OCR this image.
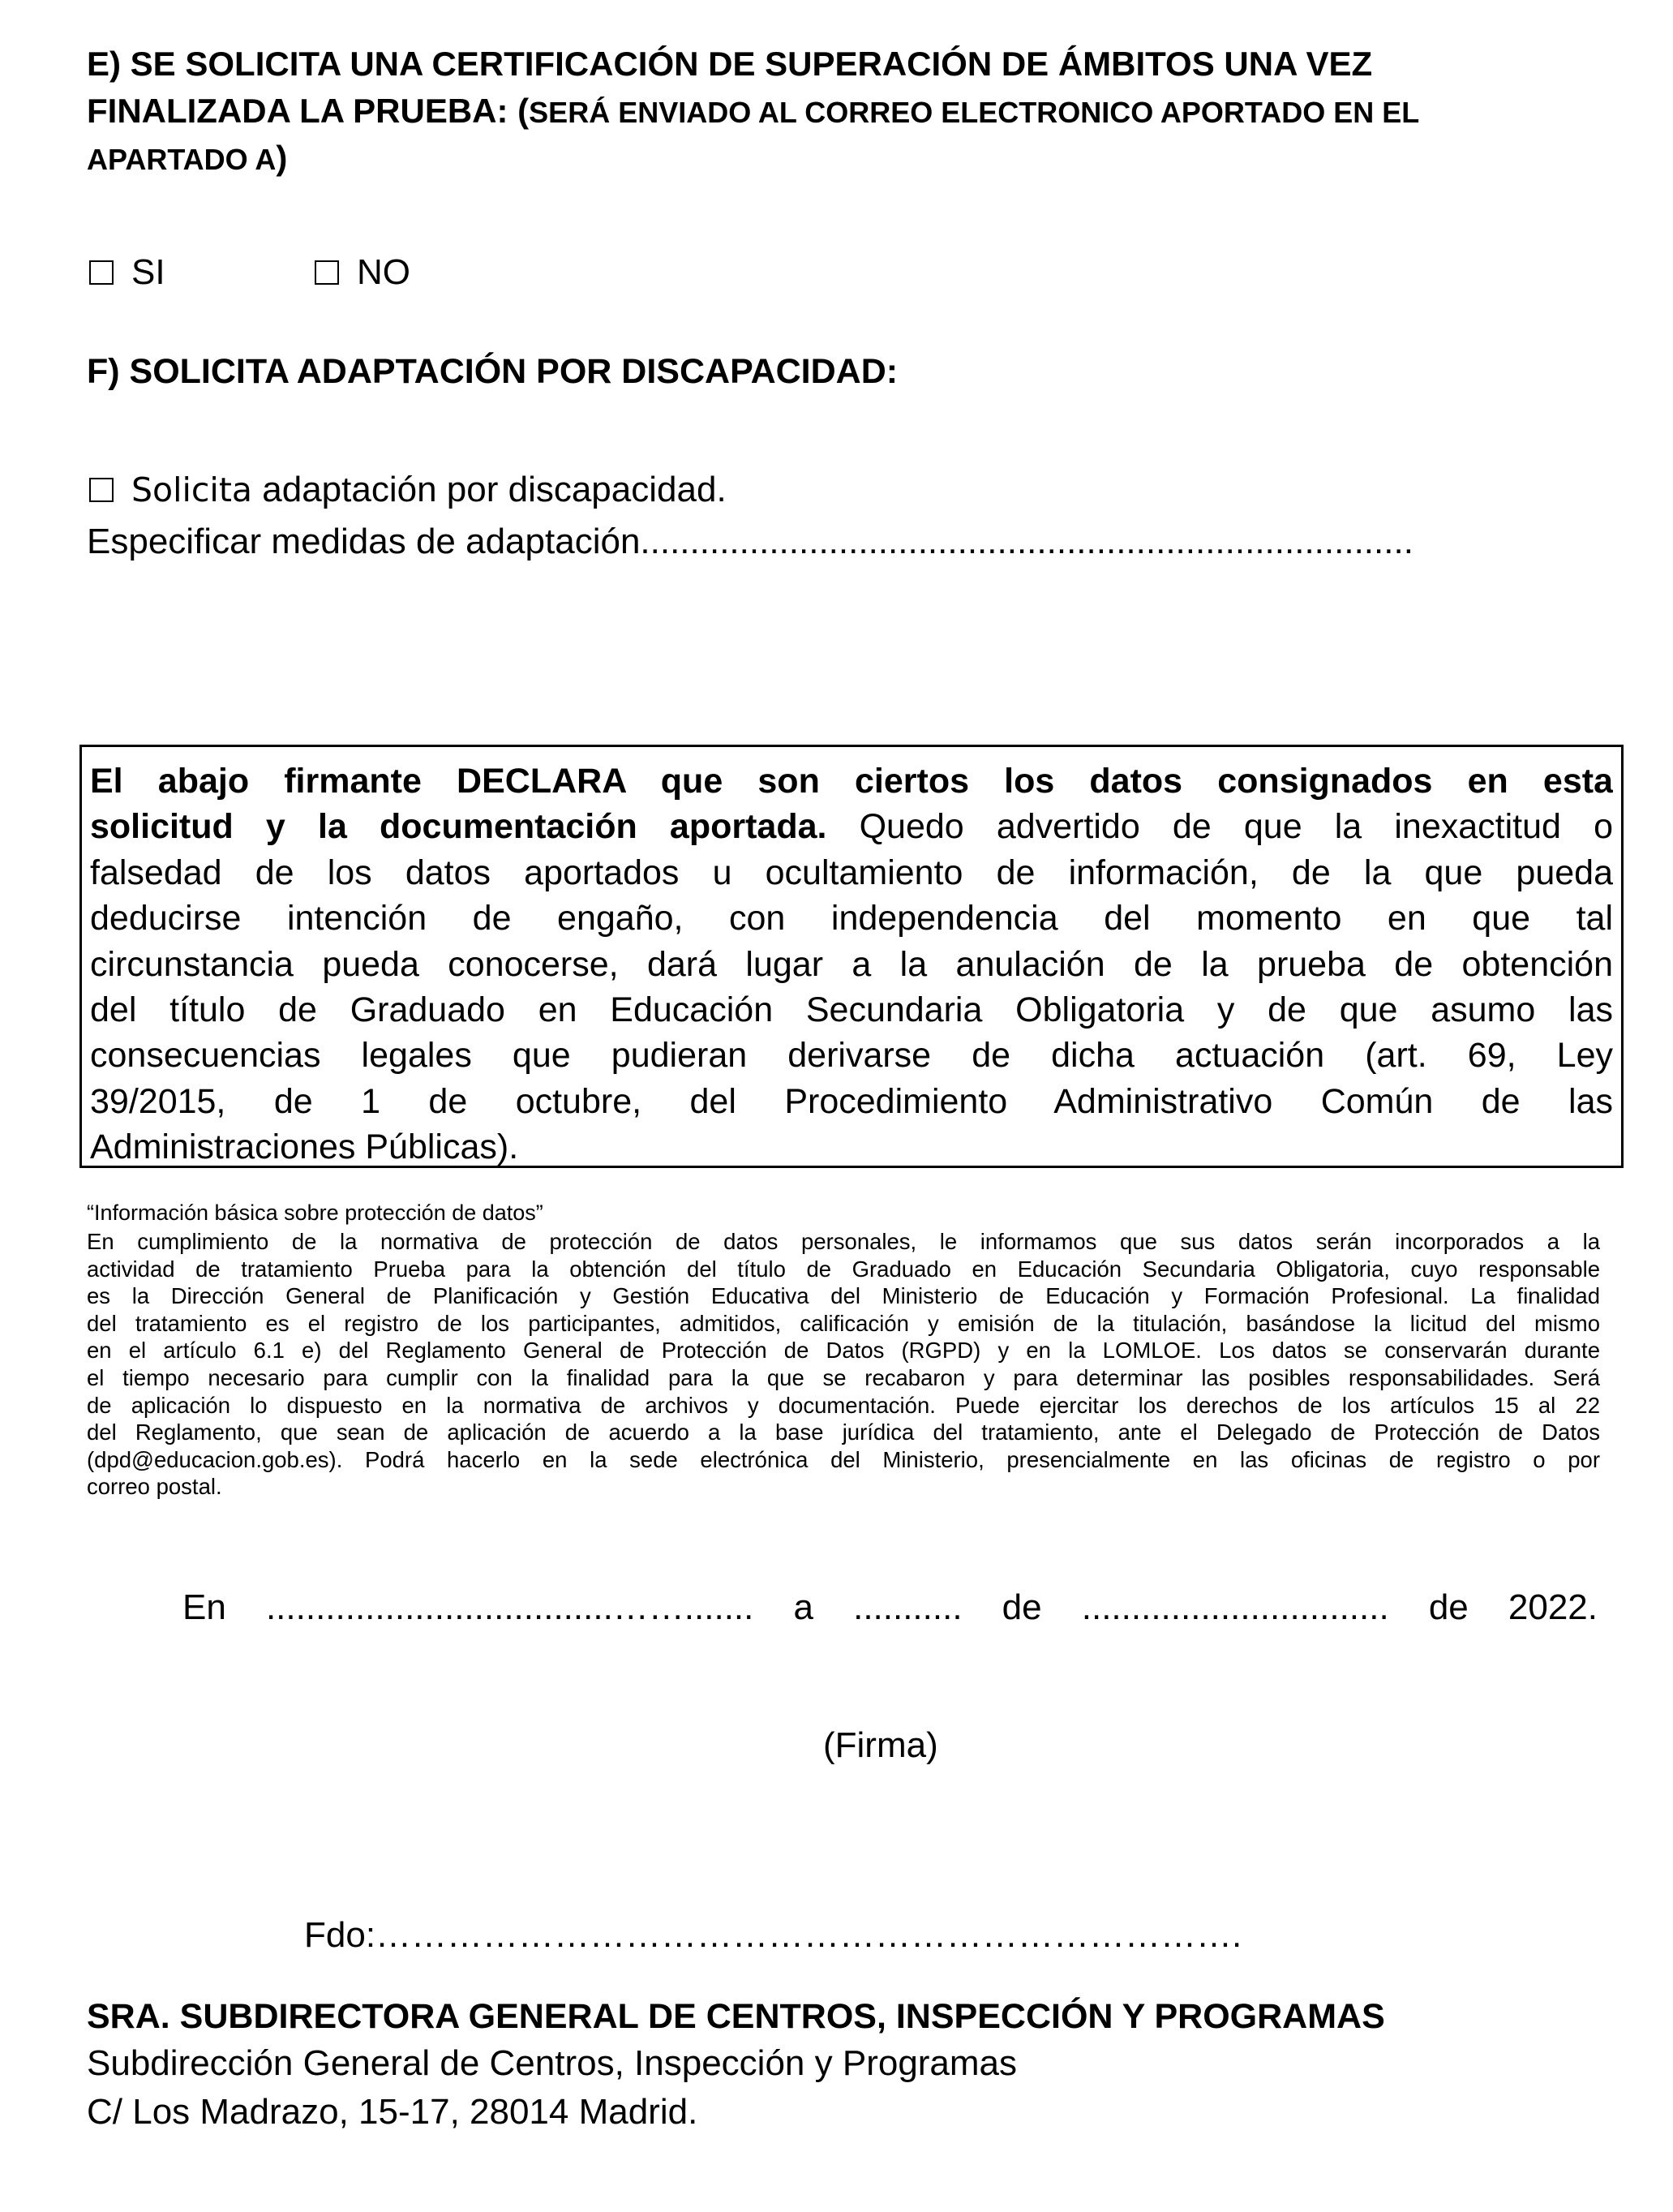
E) SE SOLICITA UNA CERTIFICACIÓN DE SUPERACIÓN DE ÁMBITOS UNA VEZ
FINALIZADA LA PRUEBA: (SERÁ ENVIADO AL CORREO ELECTRONICO APORTADO EN EL
APARTADO A)
SI	NO
F) SOLICITA ADAPTACIÓN POR DISCAPACIDAD:
Solicita adaptación por discapacidad.
Especificar medidas de adaptación..............................................................................
El abajo firmante DECLARA que son ciertos los datos consignados en esta
solicitud y la documentación aportada. Quedo advertido de que la inexactitud o
falsedad de los datos aportados u ocultamiento de información, de la que pueda
deducirse intención de engaño, con independencia del momento en que tal
circunstancia pueda conocerse, dará lugar a la anulación de la prueba de obtención
del título de Graduado en Educación Secundaria Obligatoria y de que asumo las
consecuencias legales que pudieran derivarse de dicha actuación (art. 69, Ley
39/2015, de 1 de octubre, del Procedimiento Administrativo Común de las
Administraciones Públicas).
“Información básica sobre protección de datos”
En cumplimiento de la normativa de protección de datos personales, le informamos que sus datos serán incorporados a la
actividad de tratamiento Prueba para la obtención del título de Graduado en Educación Secundaria Obligatoria, cuyo responsable
es la Dirección General de Planificación y Gestión Educativa del Ministerio de Educación y Formación Profesional. La finalidad
del tratamiento es el registro de los participantes, admitidos, calificación y emisión de la titulación, basándose la licitud del mismo
en el artículo 6.1 e) del Reglamento General de Protección de Datos (RGPD) y en la LOMLOE. Los datos se conservarán durante
el tiempo necesario para cumplir con la finalidad para la que se recabaron y para determinar las posibles responsabilidades. Será
de aplicación lo dispuesto en la normativa de archivos y documentación. Puede ejercitar los derechos de los artículos 15 al 22
del Reglamento, que sean de aplicación de acuerdo a la base jurídica del tratamiento, ante el Delegado de Protección de Datos
(dpd@educacion.gob.es). Podrá hacerlo en la sede electrónica del Ministerio, presencialmente en las oficinas de registro o por
correo postal.
En ...................................……....... a ........... de ............................... de 2022.
(Firma)
Fdo:……………………………………………………………….
SRA. SUBDIRECTORA GENERAL DE CENTROS, INSPECCIÓN Y PROGRAMAS
Subdirección General de Centros, Inspección y Programas
C/ Los Madrazo, 15-17, 28014 Madrid.
